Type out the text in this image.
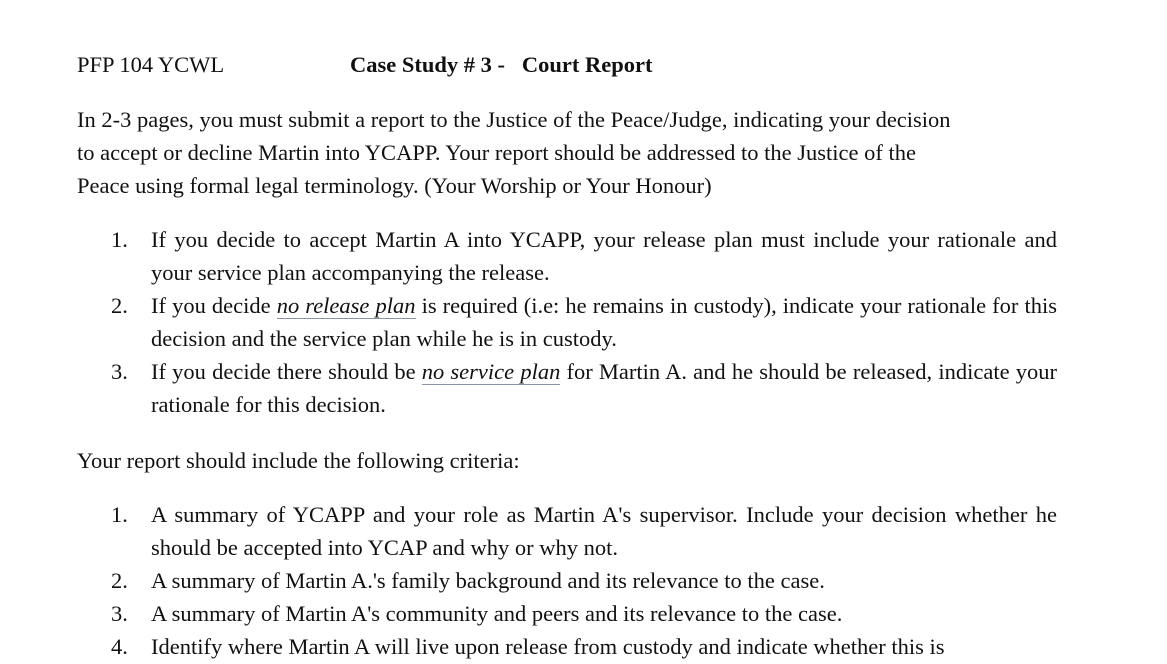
PFP 104 YCWL	Case Study # 3 -   Court Report

In 2-3 pages, you must submit a report to the Justice of the Peace/Judge, indicating your decision
to accept or decline Martin into YCAPP. Your report should be addressed to the Justice of the
Peace using formal legal terminology. (Your Worship or Your Honour)

1. If you decide to accept Martin A into YCAPP, your release plan must include your rationale and your service plan accompanying the release.
2. If you decide no release plan is required (i.e: he remains in custody), indicate your rationale for this decision and the service plan while he is in custody.
3. If you decide there should be no service plan for Martin A. and he should be released, indicate your rationale for this decision.

Your report should include the following criteria:

1. A summary of YCAPP and your role as Martin A's supervisor. Include your decision whether he should be accepted into YCAP and why or why not.
2. A summary of Martin A.'s family background and its relevance to the case.
3. A summary of Martin A's community and peers and its relevance to the case.
4. Identify where Martin A will live upon release from custody and indicate whether this is
